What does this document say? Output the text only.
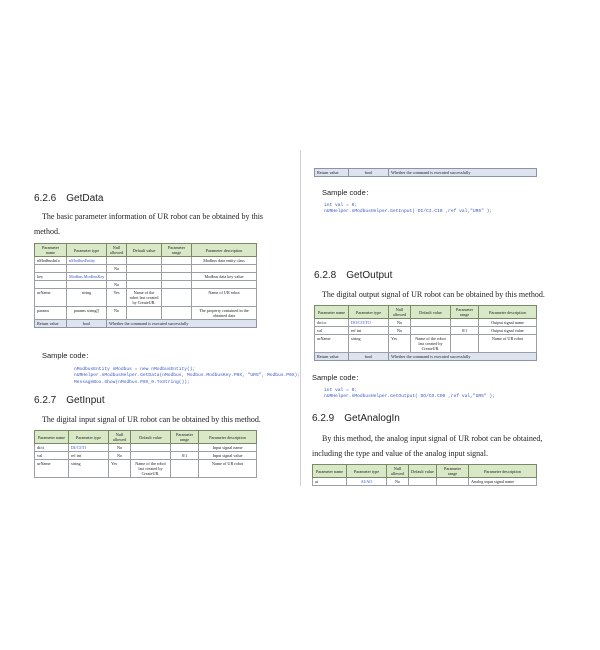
6.2.6 GetData
The basic parameter information of UR robot can be obtained by this method.
Parameter name	Parameter type	Null allowed	Default value	Parameter range	Parameter description
nModbusInfo	nModbusEntity				Modbus data entity class
		No			
key	Modbus.ModbusKey				Modbus data key value
		No			
urName	string	Yes	Name of the robot last created by CreateUR.		Name of UR robot
params	params string[]	No			The property contained in the obtained data
Return value	bool	Whether the command is executed successfully			
Sample code：
nModbusEntity nModbus = new nModbusEntity();
nURHelper.nModbusHelper.GetData(nModbus, Modbus.ModbusKey.P0X, "UR5", Modbus.P0X);
MessageBox.Show(nModbus.P0X_0.ToString());
6.2.7 GetInput
The digital input signal of UR robot can be obtained by this method.
Parameter name	Parameter type	Null allowed	Default value	Parameter range	Parameter description
di/ci	DI/CI/TI	No			Input signal name
val	ref int	No		0/1	Input signal value
urName	string	Yes	Name of the robot last created by CreateUR.		Name of UR robot
Return value	bool	Whether the command is executed successfully
Sample code：
int val = 0;
nURHelper.nModbusHelper.GetInput( DI/CI.CI0 ,ref val,"UR5" );
6.2.8 GetOutput
The digital output signal of UR robot can be obtained by this method.
Parameter name	Parameter type	Null allowed	Default value	Parameter range	Parameter description
do/co	DO/CO/TO	No			Output signal name
val	ref int	No		0/1	Output signal value
urName	string	Yes	Name of the robot last created by CreateUR.		Name of UR robot
Return value	bool	Whether the command is executed successfully			
Sample code：
int val = 0;
nURHelper.nModbusHelper.GetOutput( DO/CO.CO0 ,ref val,"UR5" );
6.2.9 GetAnalogIn
By this method, the analog input signal of UR robot can be obtained,
including the type and value of the analog input signal.
Parameter name	Parameter type	Null allowed	Default value	Parameter range	Parameter description
ai	AI/AO	No			Analog input signal name
